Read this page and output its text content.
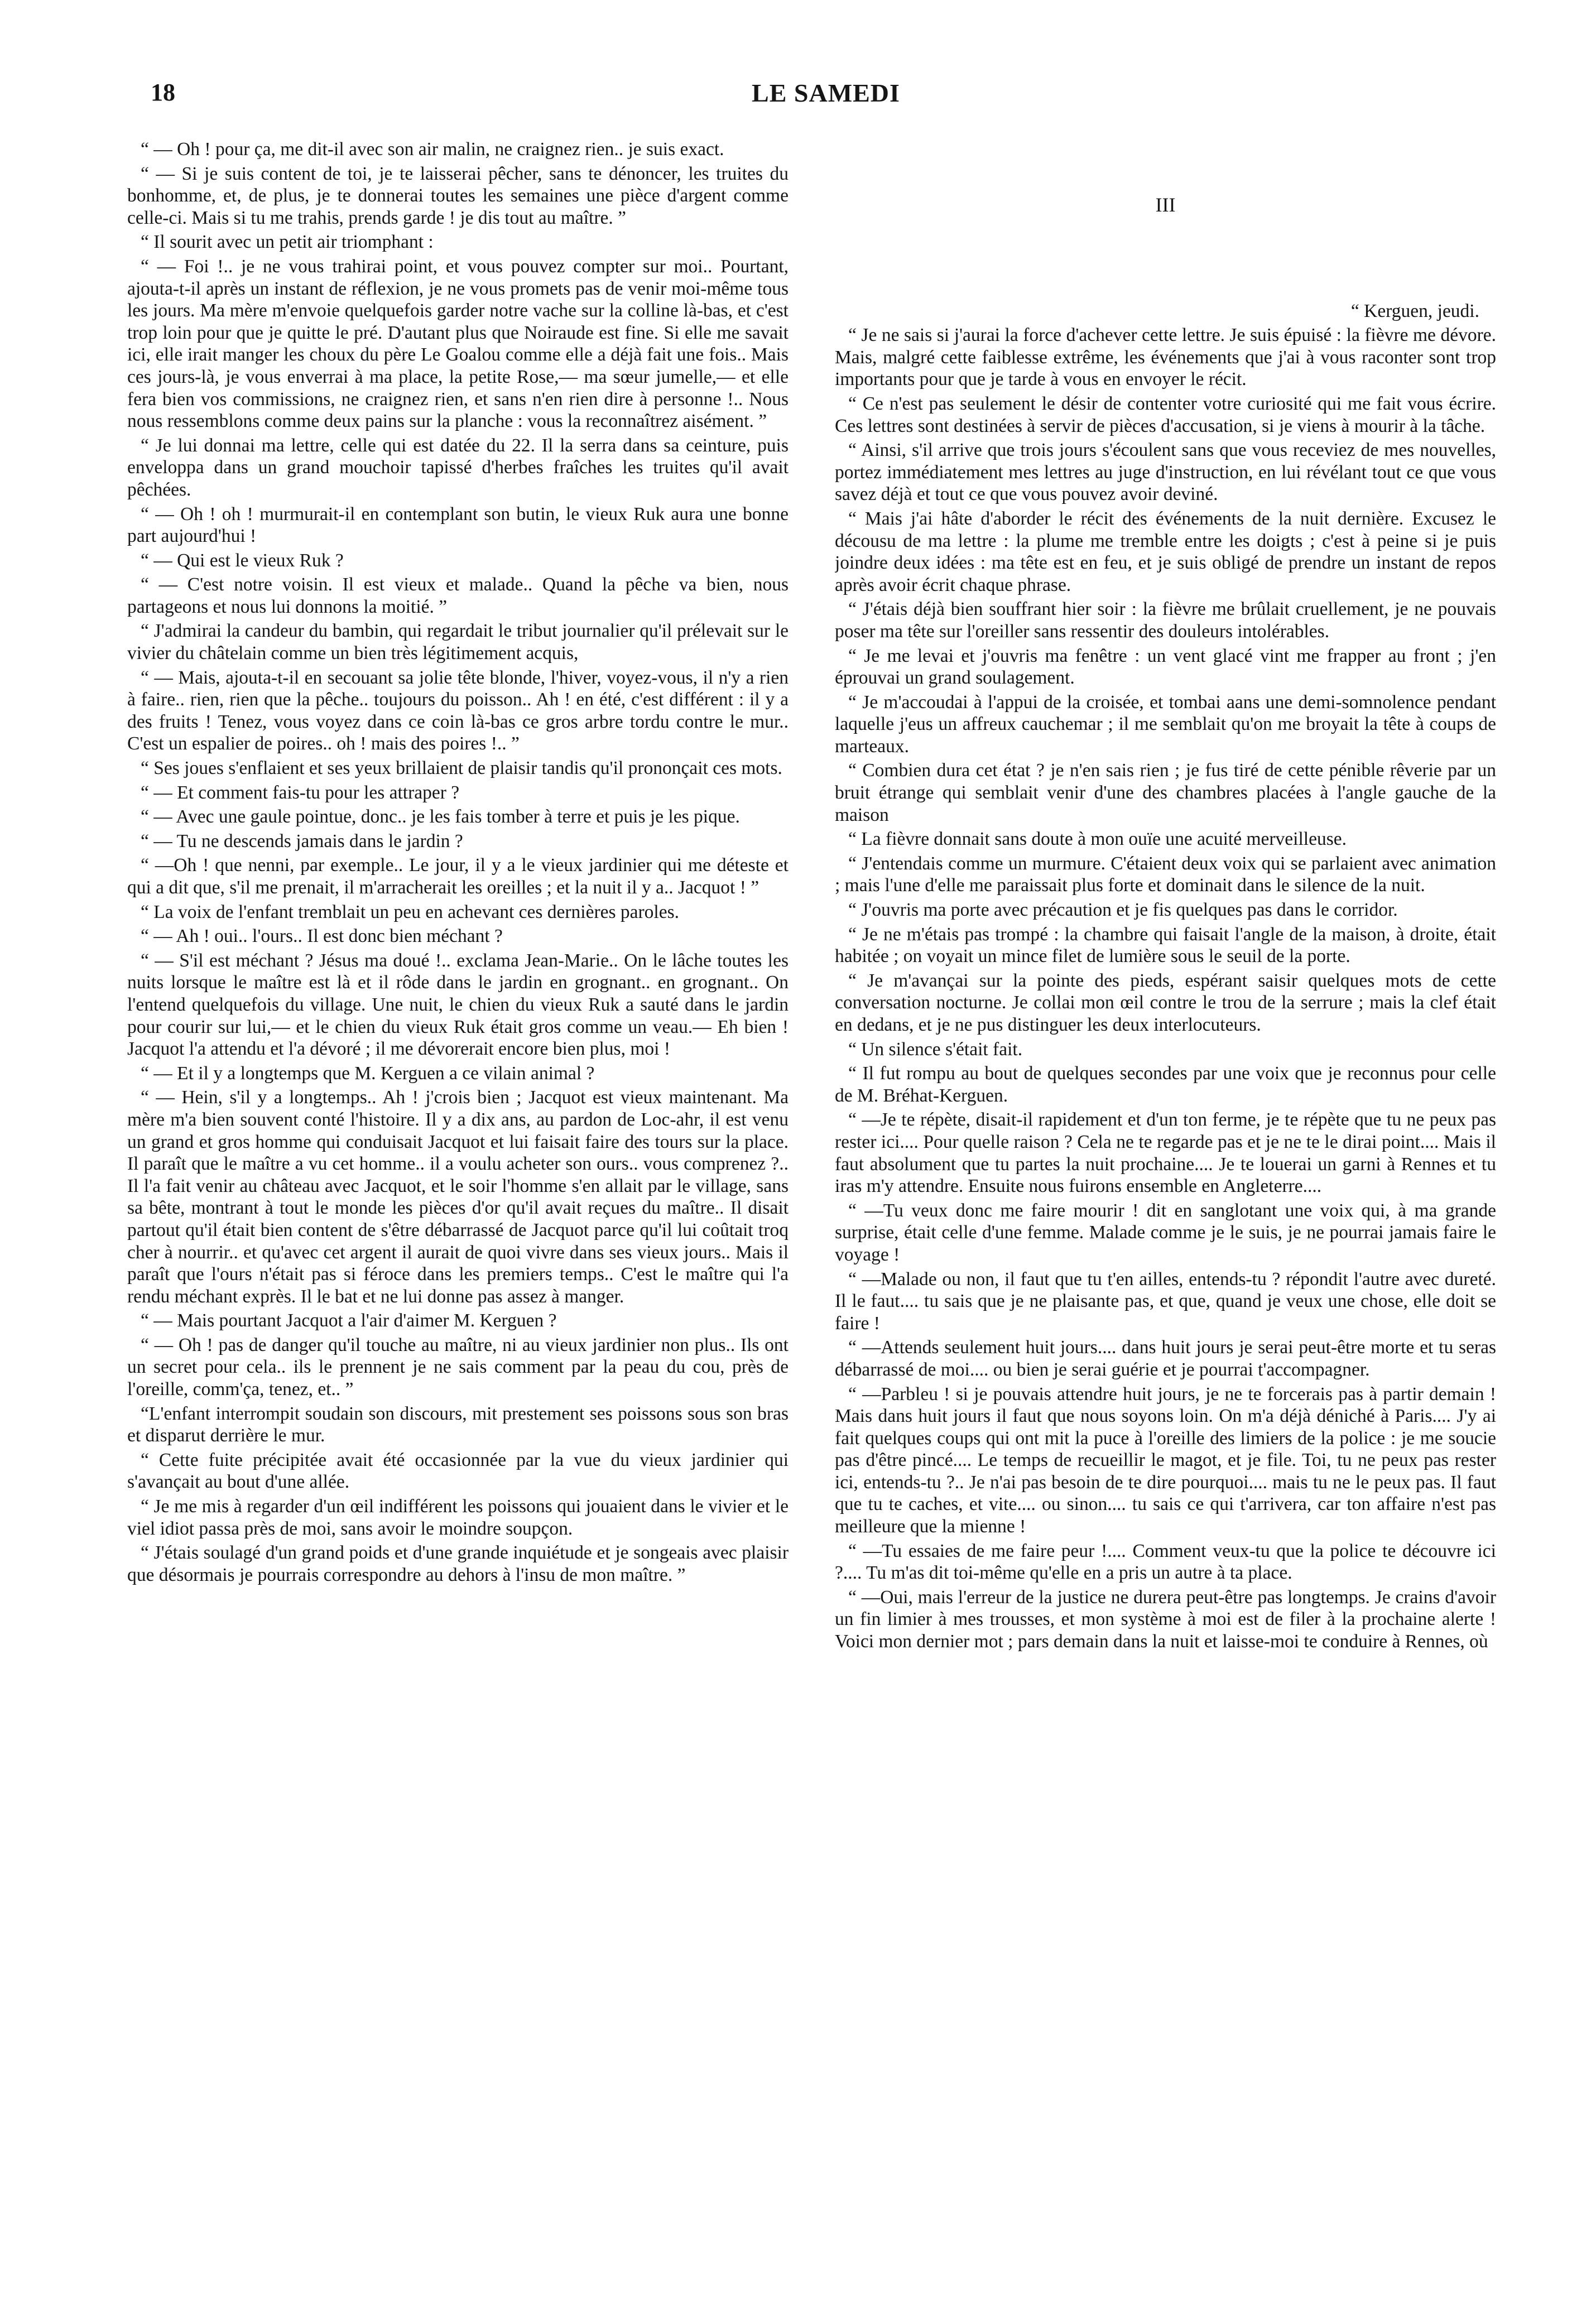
18	LE SAMEDI

“ — Oh ! pour ça, me dit-il avec son air malin, ne craignez rien.. je suis exact.

“ — Si je suis content de toi, je te laisserai pêcher, sans te dénoncer, les truites du bonhomme, et, de plus, je te donnerai toutes les semaines une pièce d'argent comme celle-ci. Mais si tu me trahis, prends garde ! je dis tout au maître. ”

“ Il sourit avec un petit air triomphant :

“ — Foi !.. je ne vous trahirai point, et vous pouvez compter sur moi.. Pourtant, ajouta-t-il après un instant de réflexion, je ne vous promets pas de venir moi-même tous les jours. Ma mère m'envoie quelquefois garder notre vache sur la colline là-bas, et c'est trop loin pour que je quitte le pré. D'autant plus que Noiraude est fine. Si elle me savait ici, elle irait manger les choux du père Le Goalou comme elle a déjà fait une fois.. Mais ces jours-là, je vous enverrai à ma place, la petite Rose,— ma sœur jumelle,— et elle fera bien vos commissions, ne craignez rien, et sans n'en rien dire à personne !.. Nous nous ressemblons comme deux pains sur la planche : vous la reconnaîtrez aisément. ”

“ Je lui donnai ma lettre, celle qui est datée du 22. Il la serra dans sa ceinture, puis enveloppa dans un grand mouchoir tapissé d'herbes fraîches les truites qu'il avait pêchées.

“ — Oh ! oh ! murmurait-il en contemplant son butin, le vieux Ruk aura une bonne part aujourd'hui !

“ — Qui est le vieux Ruk ?

“ — C'est notre voisin. Il est vieux et malade.. Quand la pêche va bien, nous partageons et nous lui donnons la moitié. ”

“ J'admirai la candeur du bambin, qui regardait le tribut journalier qu'il prélevait sur le vivier du châtelain comme un bien très légitimement acquis,

“ — Mais, ajouta-t-il en secouant sa jolie tête blonde, l'hiver, voyez-vous, il n'y a rien à faire.. rien, rien que la pêche.. toujours du poisson.. Ah ! en été, c'est différent : il y a des fruits ! Tenez, vous voyez dans ce coin là-bas ce gros arbre tordu contre le mur.. C'est un espalier de poires.. oh ! mais des poires !.. ”

“ Ses joues s'enflaient et ses yeux brillaient de plaisir tandis qu'il prononçait ces mots.

“ — Et comment fais-tu pour les attraper ?

“ — Avec une gaule pointue, donc.. je les fais tomber à terre et puis je les pique.

“ — Tu ne descends jamais dans le jardin ?

“ —Oh ! que nenni, par exemple.. Le jour, il y a le vieux jardinier qui me déteste et qui a dit que, s'il me prenait, il m'arracherait les oreilles ; et la nuit il y a.. Jacquot ! ”

“ La voix de l'enfant tremblait un peu en achevant ces dernières paroles.

“ — Ah ! oui.. l'ours.. Il est donc bien méchant ?

“ — S'il est méchant ? Jésus ma doué !.. exclama Jean-Marie.. On le lâche toutes les nuits lorsque le maître est là et il rôde dans le jardin en grognant.. en grognant.. On l'entend quelquefois du village. Une nuit, le chien du vieux Ruk a sauté dans le jardin pour courir sur lui,— et le chien du vieux Ruk était gros comme un veau.— Eh bien ! Jacquot l'a attendu et l'a dévoré ; il me dévorerait encore bien plus, moi !

“ — Et il y a longtemps que M. Kerguen a ce vilain animal ?

“ — Hein, s'il y a longtemps.. Ah ! j'crois bien ; Jacquot est vieux maintenant. Ma mère m'a bien souvent conté l'histoire. Il y a dix ans, au pardon de Loc-ahr, il est venu un grand et gros homme qui conduisait Jacquot et lui faisait faire des tours sur la place. Il paraît que le maître a vu cet homme.. il a voulu acheter son ours.. vous comprenez ?.. Il l'a fait venir au château avec Jacquot, et le soir l'homme s'en allait par le village, sans sa bête, montrant à tout le monde les pièces d'or qu'il avait reçues du maître.. Il disait partout qu'il était bien content de s'être débarrassé de Jacquot parce qu'il lui coûtait troq cher à nourrir.. et qu'avec cet argent il aurait de quoi vivre dans ses vieux jours.. Mais il paraît que l'ours n'était pas si féroce dans les premiers temps.. C'est le maître qui l'a rendu méchant exprès. Il le bat et ne lui donne pas assez à manger.

“ — Mais pourtant Jacquot a l'air d'aimer M. Kerguen ?

“ — Oh ! pas de danger qu'il touche au maître, ni au vieux jardinier non plus.. Ils ont un secret pour cela.. ils le prennent je ne sais comment par la peau du cou, près de l'oreille, comm'ça, tenez, et.. ”

“L'enfant interrompit soudain son discours, mit prestement ses poissons sous son bras et disparut derrière le mur.

“ Cette fuite précipitée avait été occasionnée par la vue du vieux jardinier qui s'avançait au bout d'une allée.

“ Je me mis à regarder d'un œil indifférent les poissons qui jouaient dans le vivier et le viel idiot passa près de moi, sans avoir le moindre soupçon.

“ J'étais soulagé d'un grand poids et d'une grande inquiétude et je songeais avec plaisir que désormais je pourrais correspondre au dehors à l'insu de mon maître. ”

III

“ Kerguen, jeudi.

“ Je ne sais si j'aurai la force d'achever cette lettre. Je suis épuisé : la fièvre me dévore. Mais, malgré cette faiblesse extrême, les événements que j'ai à vous raconter sont trop importants pour que je tarde à vous en envoyer le récit.

“ Ce n'est pas seulement le désir de contenter votre curiosité qui me fait vous écrire. Ces lettres sont destinées à servir de pièces d'accusation, si je viens à mourir à la tâche.

“ Ainsi, s'il arrive que trois jours s'écoulent sans que vous receviez de mes nouvelles, portez immédiatement mes lettres au juge d'instruction, en lui révélant tout ce que vous savez déjà et tout ce que vous pouvez avoir deviné.

“ Mais j'ai hâte d'aborder le récit des événements de la nuit dernière. Excusez le décousu de ma lettre : la plume me tremble entre les doigts ; c'est à peine si je puis joindre deux idées : ma tête est en feu, et je suis obligé de prendre un instant de repos après avoir écrit chaque phrase.

“ J'étais déjà bien souffrant hier soir : la fièvre me brûlait cruellement, je ne pouvais poser ma tête sur l'oreiller sans ressentir des douleurs intolérables.

“ Je me levai et j'ouvris ma fenêtre : un vent glacé vint me frapper au front ; j'en éprouvai un grand soulagement.

“ Je m'accoudai à l'appui de la croisée, et tombai aans une demi-somnolence pendant laquelle j'eus un affreux cauchemar ; il me semblait qu'on me broyait la tête à coups de marteaux.

“ Combien dura cet état ? je n'en sais rien ; je fus tiré de cette pénible rêverie par un bruit étrange qui semblait venir d'une des chambres placées à l'angle gauche de la maison

“ La fièvre donnait sans doute à mon ouïe une acuité merveilleuse.

“ J'entendais comme un murmure. C'étaient deux voix qui se parlaient avec animation ; mais l'une d'elle me paraissait plus forte et dominait dans le silence de la nuit.

“ J'ouvris ma porte avec précaution et je fis quelques pas dans le corridor.

“ Je ne m'étais pas trompé : la chambre qui faisait l'angle de la maison, à droite, était habitée ; on voyait un mince filet de lumière sous le seuil de la porte.

“ Je m'avançai sur la pointe des pieds, espérant saisir quelques mots de cette conversation nocturne. Je collai mon œil contre le trou de la serrure ; mais la clef était en dedans, et je ne pus distinguer les deux interlocuteurs.

“ Un silence s'était fait.

“ Il fut rompu au bout de quelques secondes par une voix que je reconnus pour celle de M. Bréhat-Kerguen.

“ —Je te répète, disait-il rapidement et d'un ton ferme, je te répète que tu ne peux pas rester ici.... Pour quelle raison ? Cela ne te regarde pas et je ne te le dirai point.... Mais il faut absolument que tu partes la nuit prochaine.... Je te louerai un garni à Rennes et tu iras m'y attendre. Ensuite nous fuirons ensemble en Angleterre....

“ —Tu veux donc me faire mourir ! dit en sanglotant une voix qui, à ma grande surprise, était celle d'une femme. Malade comme je le suis, je ne pourrai jamais faire le voyage !

“ —Malade ou non, il faut que tu t'en ailles, entends-tu ? répondit l'autre avec dureté. Il le faut.... tu sais que je ne plaisante pas, et que, quand je veux une chose, elle doit se faire !

“ —Attends seulement huit jours.... dans huit jours je serai peut-être morte et tu seras débarrassé de moi.... ou bien je serai guérie et je pourrai t'accompagner.

“ —Parbleu ! si je pouvais attendre huit jours, je ne te forcerais pas à partir demain ! Mais dans huit jours il faut que nous soyons loin. On m'a déjà déniché à Paris.... J'y ai fait quelques coups qui ont mit la puce à l'oreille des limiers de la police : je me soucie pas d'être pincé.... Le temps de recueillir le magot, et je file. Toi, tu ne peux pas rester ici, entends-tu ?.. Je n'ai pas besoin de te dire pourquoi.... mais tu ne le peux pas. Il faut que tu te caches, et vite.... ou sinon.... tu sais ce qui t'arrivera, car ton affaire n'est pas meilleure que la mienne !

“ —Tu essaies de me faire peur !.... Comment veux-tu que la police te découvre ici ?.... Tu m'as dit toi-même qu'elle en a pris un autre à ta place.

“ —Oui, mais l'erreur de la justice ne durera peut-être pas longtemps. Je crains d'avoir un fin limier à mes trousses, et mon système à moi est de filer à la prochaine alerte ! Voici mon dernier mot ; pars demain dans la nuit et laisse-moi te conduire à Rennes, où
